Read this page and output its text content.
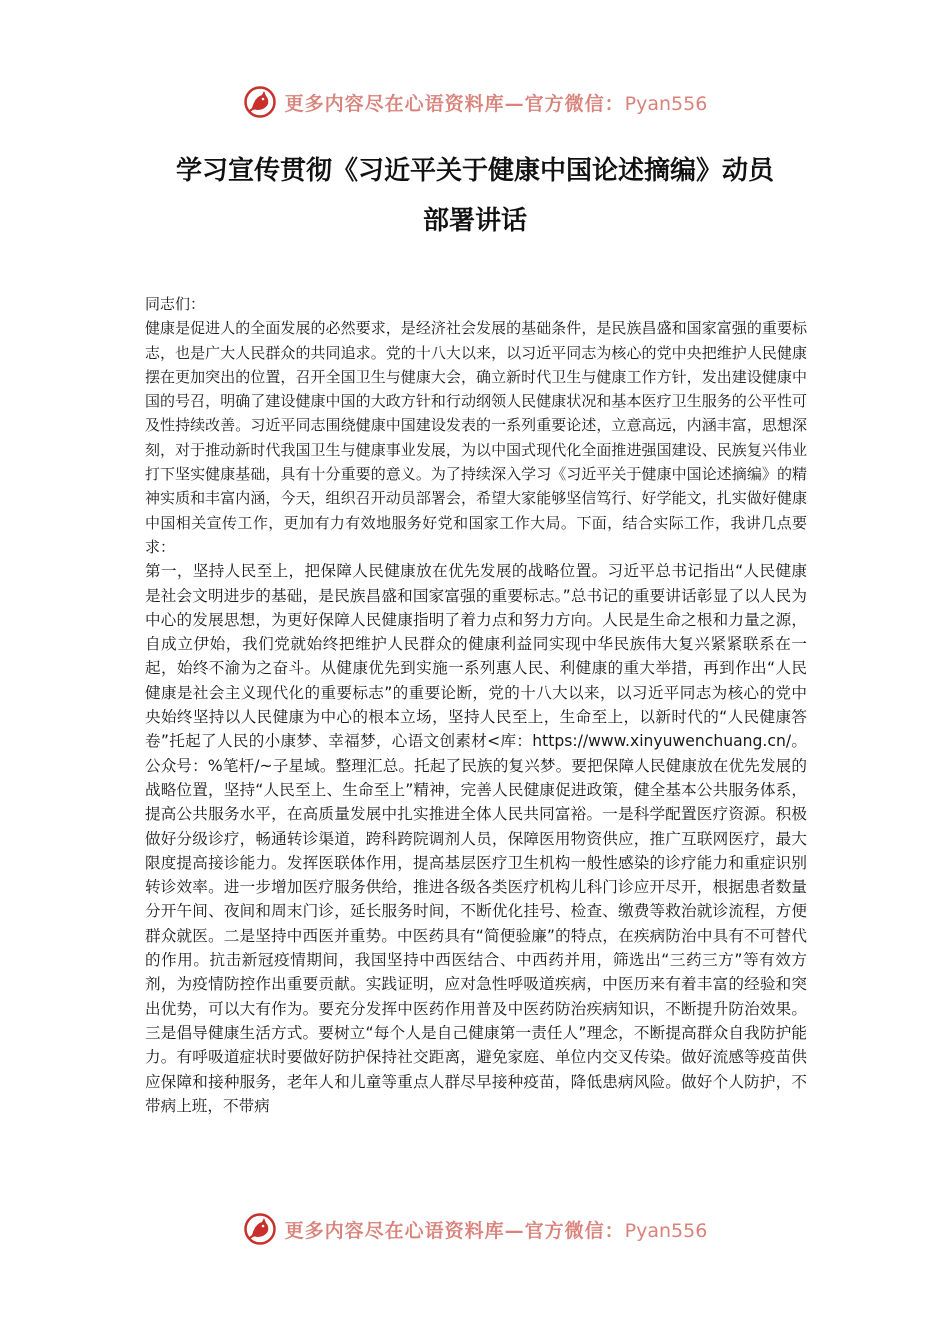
更多内容尽在心语资料库—官方微信：Pyan556
学习宣传贯彻《习近平关于健康中国论述摘编》动员
部署讲话

同志们：

健康是促进人的全面发展的必然要求，是经济社会发展的基础条件，是民族昌盛和国家富强的重要标志，也是广大人民群众的共同追求。党的十八大以来，以习近平同志为核心的党中央把维护人民健康摆在更加突出的位置，召开全国卫生与健康大会，确立新时代卫生与健康工作方针，发出建设健康中国的号召，明确了建设健康中国的大政方针和行动纲领人民健康状况和基本医疗卫生服务的公平性可及性持续改善。习近平同志围绕健康中国建设发表的一系列重要论述，立意高远，内涵丰富，思想深刻，对于推动新时代我国卫生与健康事业发展，为以中国式现代化全面推进强国建设、民族复兴伟业打下坚实健康基础，具有十分重要的意义。为了持续深入学习《习近平关于健康中国论述摘编》的精神实质和丰富内涵，今天，组织召开动员部署会，希望大家能够坚信笃行、好学能文，扎实做好健康中国相关宣传工作，更加有力有效地服务好党和国家工作大局。下面，结合实际工作，我讲几点要求：

第一，坚持人民至上，把保障人民健康放在优先发展的战略位置。习近平总书记指出“人民健康是社会文明进步的基础，是民族昌盛和国家富强的重要标志。”总书记的重要讲话彰显了以人民为中心的发展思想，为更好保障人民健康指明了着力点和努力方向。人民是生命之根和力量之源，自成立伊始，我们党就始终把维护人民群众的健康利益同实现中华民族伟大复兴紧紧联系在一起，始终不渝为之奋斗。从健康优先到实施一系列惠人民、利健康的重大举措，再到作出“人民健康是社会主义现代化的重要标志”的重要论断，党的十八大以来，以习近平同志为核心的党中央始终坚持以人民健康为中心的根本立场，坚持人民至上，生命至上，以新时代的“人民健康答卷”托起了人民的小康梦、幸福梦，心语文创素材<库：https://www.xinyuwenchuang.cn/。公众号：%笔杆/~子星域。整理汇总。托起了民族的复兴梦。要把保障人民健康放在优先发展的战略位置，坚持“人民至上、生命至上”精神，完善人民健康促进政策，健全基本公共服务体系，提高公共服务水平，在高质量发展中扎实推进全体人民共同富裕。一是科学配置医疗资源。积极做好分级诊疗，畅通转诊渠道，跨科跨院调剂人员，保障医用物资供应，推广互联网医疗，最大限度提高接诊能力。发挥医联体作用，提高基层医疗卫生机构一般性感染的诊疗能力和重症识别转诊效率。进一步增加医疗服务供给，推进各级各类医疗机构儿科门诊应开尽开，根据患者数量分开午间、夜间和周末门诊，延长服务时间，不断优化挂号、检查、缴费等救治就诊流程，方便群众就医。二是坚持中西医并重势。中医药具有“简便验廉”的特点，在疾病防治中具有不可替代的作用。抗击新冠疫情期间，我国坚持中西医结合、中西药并用，筛选出“三药三方”等有效方剂，为疫情防控作出重要贡献。实践证明，应对急性呼吸道疾病，中医历来有着丰富的经验和突出优势，可以大有作为。要充分发挥中医药作用普及中医药防治疾病知识，不断提升防治效果。三是倡导健康生活方式。要树立“每个人是自己健康第一责任人”理念，不断提高群众自我防护能力。有呼吸道症状时要做好防护保持社交距离，避免家庭、单位内交叉传染。做好流感等疫苗供应保障和接种服务，老年人和儿童等重点人群尽早接种疫苗，降低患病风险。做好个人防护，不带病上班，不带病

更多内容尽在心语资料库—官方微信：Pyan556
